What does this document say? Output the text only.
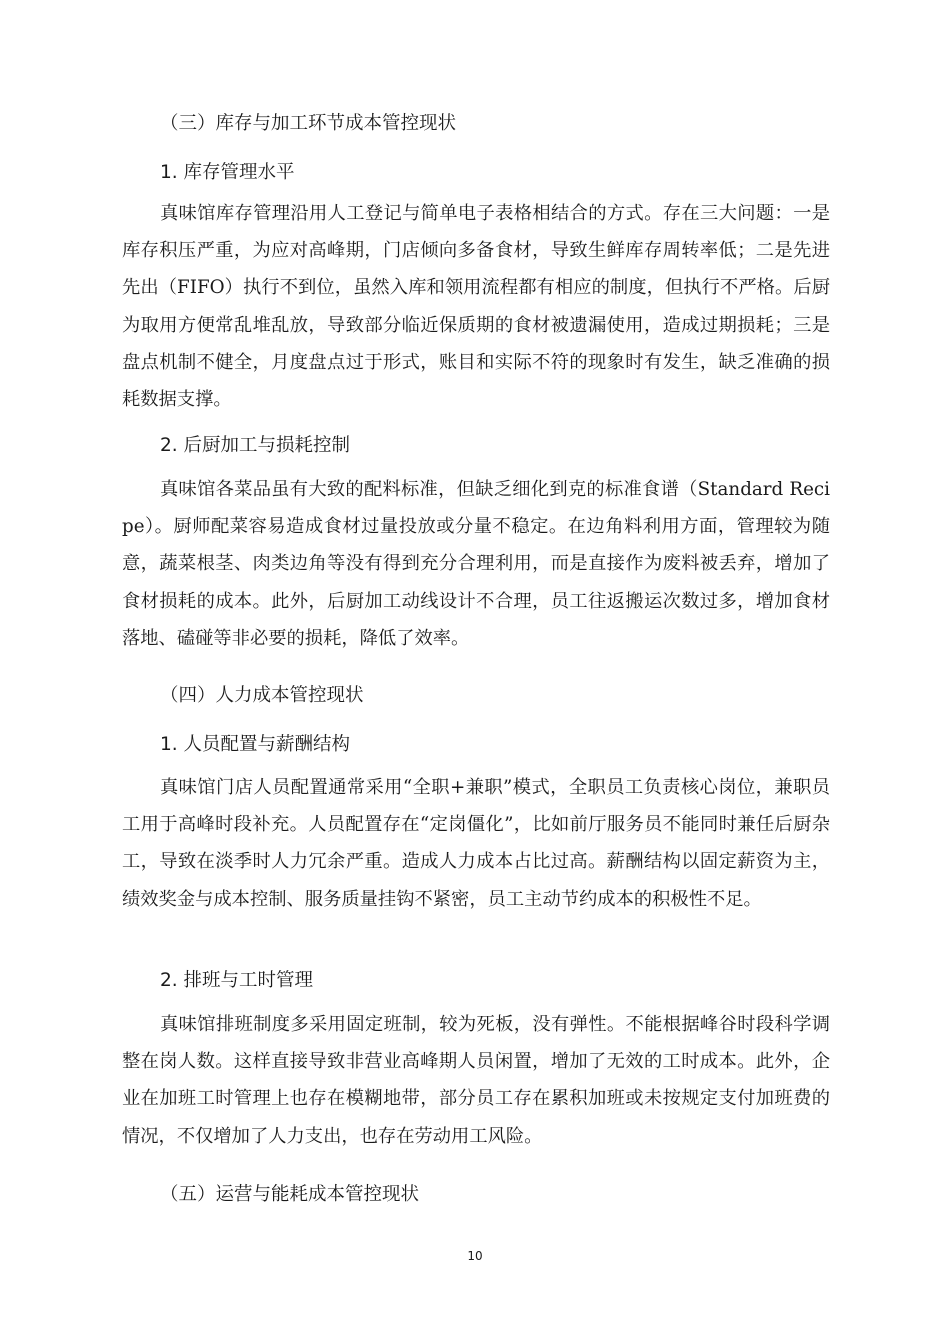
（三）库存与加工环节成本管控现状
1. 库存管理水平

真味馆库存管理沿用人工登记与简单电子表格相结合的方式。存在三大问题：一是库存积压严重，为应对高峰期，门店倾向多备食材，导致生鲜库存周转率低；二是先进先出（FIFO）执行不到位，虽然入库和领用流程都有相应的制度，但执行不严格。后厨为取用方便常乱堆乱放，导致部分临近保质期的食材被遗漏使用，造成过期损耗；三是盘点机制不健全，月度盘点过于形式，账目和实际不符的现象时有发生，缺乏准确的损耗数据支撑。

2. 后厨加工与损耗控制

真味馆各菜品虽有大致的配料标准，但缺乏细化到克的标准食谱（Standard Recipe）。厨师配菜容易造成食材过量投放或分量不稳定。在边角料利用方面，管理较为随意，蔬菜根茎、肉类边角等没有得到充分合理利用，而是直接作为废料被丢弃，增加了食材损耗的成本。此外，后厨加工动线设计不合理，员工往返搬运次数过多，增加食材落地、磕碰等非必要的损耗，降低了效率。

（四）人力成本管控现状
1. 人员配置与薪酬结构

真味馆门店人员配置通常采用“全职+兼职”模式，全职员工负责核心岗位，兼职员工用于高峰时段补充。人员配置存在“定岗僵化”，比如前厅服务员不能同时兼任后厨杂工，导致在淡季时人力冗余严重。造成人力成本占比过高。薪酬结构以固定薪资为主，绩效奖金与成本控制、服务质量挂钩不紧密，员工主动节约成本的积极性不足。

2. 排班与工时管理

真味馆排班制度多采用固定班制，较为死板，没有弹性。不能根据峰谷时段科学调整在岗人数。这样直接导致非营业高峰期人员闲置，增加了无效的工时成本。此外，企业在加班工时管理上也存在模糊地带，部分员工存在累积加班或未按规定支付加班费的情况，不仅增加了人力支出，也存在劳动用工风险。

（五）运营与能耗成本管控现状
10
